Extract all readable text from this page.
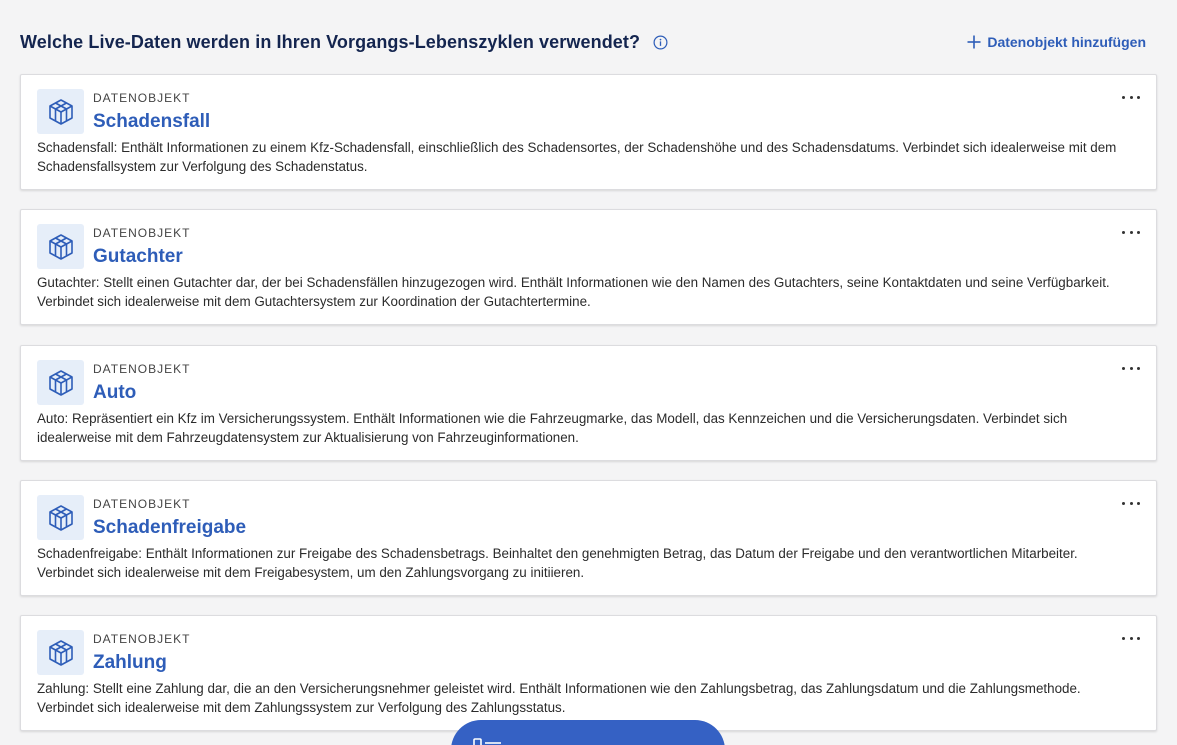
Welche Live-Daten werden in Ihren Vorgangs-Lebenszyklen verwendet?	Datenobjekt hinzufügen
DATENOBJEKT
Schadensfall
Schadensfall: Enthält Informationen zu einem Kfz-Schadensfall, einschließlich des Schadensortes, der Schadenshöhe und des Schadensdatums. Verbindet sich idealerweise mit dem Schadensfallsystem zur Verfolgung des Schadenstatus.
DATENOBJEKT
Gutachter
Gutachter: Stellt einen Gutachter dar, der bei Schadensfällen hinzugezogen wird. Enthält Informationen wie den Namen des Gutachters, seine Kontaktdaten und seine Verfügbarkeit. Verbindet sich idealerweise mit dem Gutachtersystem zur Koordination der Gutachtertermine.
DATENOBJEKT
Auto
Auto: Repräsentiert ein Kfz im Versicherungssystem. Enthält Informationen wie die Fahrzeugmarke, das Modell, das Kennzeichen und die Versicherungsdaten. Verbindet sich idealerweise mit dem Fahrzeugdatensystem zur Aktualisierung von Fahrzeuginformationen.
DATENOBJEKT
Schadenfreigabe
Schadenfreigabe: Enthält Informationen zur Freigabe des Schadensbetrags. Beinhaltet den genehmigten Betrag, das Datum der Freigabe und den verantwortlichen Mitarbeiter. Verbindet sich idealerweise mit dem Freigabesystem, um den Zahlungsvorgang zu initiieren.
DATENOBJEKT
Zahlung
Zahlung: Stellt eine Zahlung dar, die an den Versicherungsnehmer geleistet wird. Enthält Informationen wie den Zahlungsbetrag, das Zahlungsdatum und die Zahlungsmethode. Verbindet sich idealerweise mit dem Zahlungssystem zur Verfolgung des Zahlungsstatus.
